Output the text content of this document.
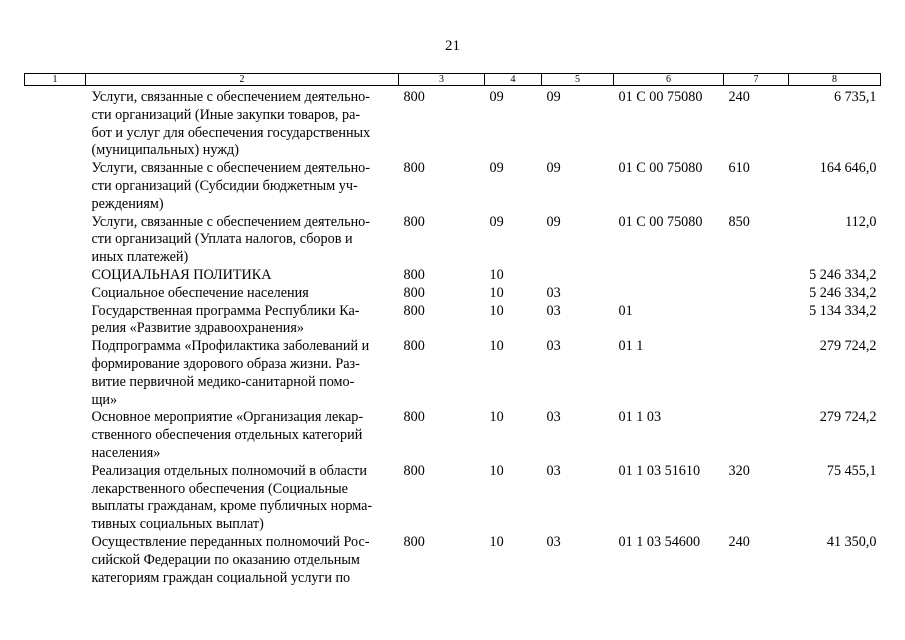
21
1	2	3	4	5	6	7	8
	Услуги, связанные с обеспечением деятельно-
сти организаций (Иные закупки товаров, ра-
бот и услуг для обеспечения государственных
(муниципальных) нужд)	800	09	09	01 С 00 75080	240	6 735,1
	Услуги, связанные с обеспечением деятельно-
сти организаций (Субсидии бюджетным уч-
реждениям)	800	09	09	01 С 00 75080	610	164 646,0
	Услуги, связанные с обеспечением деятельно-
сти организаций (Уплата налогов, сборов и
иных платежей)	800	09	09	01 С 00 75080	850	112,0
	СОЦИАЛЬНАЯ ПОЛИТИКА	800	10				5 246 334,2
	Социальное обеспечение населения	800	10	03			5 246 334,2
	Государственная программа Республики Ка-
релия «Развитие здравоохранения»	800	10	03	01		5 134 334,2
	Подпрограмма «Профилактика заболеваний и
формирование здорового образа жизни. Раз-
витие первичной медико-санитарной помо-
щи»	800	10	03	01 1		279 724,2
	Основное мероприятие «Организация лекар-
ственного обеспечения отдельных категорий
населения»	800	10	03	01 1 03		279 724,2
	Реализация отдельных полномочий в области
лекарственного обеспечения (Социальные
выплаты гражданам, кроме публичных норма-
тивных социальных выплат)	800	10	03	01 1 03 51610	320	75 455,1
	Осуществление переданных полномочий Рос-
сийской Федерации по оказанию отдельным
категориям граждан социальной услуги по	800	10	03	01 1 03 54600	240	41 350,0
